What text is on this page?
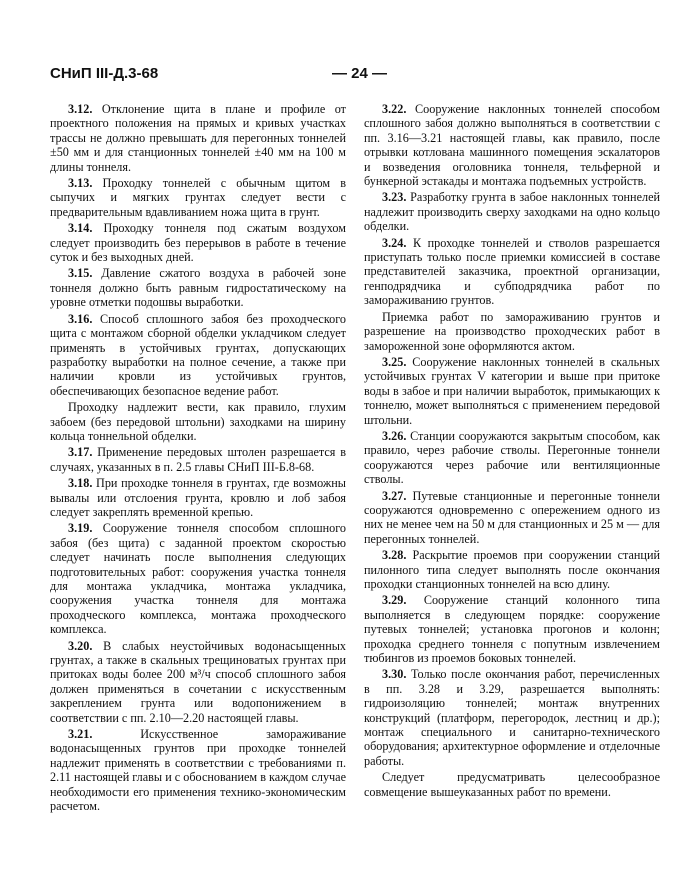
СНиП III-Д.3-68	— 24 —

3.12. Отклонение щита в плане и профиле от проектного положения на прямых и кривых участках трассы не должно превышать для перегонных тоннелей ±50 мм и для станционных тоннелей ±40 мм на 100 м длины тоннеля.

3.13. Проходку тоннелей с обычным щитом в сыпучих и мягких грунтах следует вести с предварительным вдавливанием ножа щита в грунт.

3.14. Проходку тоннеля под сжатым воздухом следует производить без перерывов в работе в течение суток и без выходных дней.

3.15. Давление сжатого воздуха в рабочей зоне тоннеля должно быть равным гидростатическому на уровне отметки подошвы выработки.

3.16. Способ сплошного забоя без проходческого щита с монтажом сборной обделки укладчиком следует применять в устойчивых грунтах, допускающих разработку выработки на полное сечение, а также при наличии кровли из устойчивых грунтов, обеспечивающих безопасное ведение работ.

Проходку надлежит вести, как правило, глухим забоем (без передовой штольни) заходками на ширину кольца тоннельной обделки.

3.17. Применение передовых штолен разрешается в случаях, указанных в п. 2.5 главы СНиП III-Б.8-68.

3.18. При проходке тоннеля в грунтах, где возможны вывалы или отслоения грунта, кровлю и лоб забоя следует закреплять временной крепью.

3.19. Сооружение тоннеля способом сплошного забоя (без щита) с заданной проектом скоростью следует начинать после выполнения следующих подготовительных работ: сооружения участка тоннеля для монтажа укладчика, монтажа укладчика, сооружения участка тоннеля для монтажа проходческого комплекса, монтажа проходческого комплекса.

3.20. В слабых неустойчивых водонасыщенных грунтах, а также в скальных трещиноватых грунтах при притоках воды более 200 м³/ч способ сплошного забоя должен применяться в сочетании с искусственным закреплением грунта или водопонижением в соответствии с пп. 2.10—2.20 настоящей главы.

3.21.	Искусственное замораживание водонасыщенных грунтов при проходке тоннелей надлежит применять в соответствии с требованиями п. 2.11 настоящей главы и с обоснованием в каждом случае необходимости его применения технико-экономическим расчетом.

3.22. Сооружение наклонных тоннелей способом сплошного забоя должно выполняться в соответствии с пп. 3.16—3.21 настоящей главы, как правило, после отрывки котлована машинного помещения эскалаторов и возведения оголовника тоннеля, тельферной и бункерной эстакады и монтажа подъемных устройств.

3.23. Разработку грунта в забое наклонных тоннелей надлежит производить сверху заходками на одно кольцо обделки.

3.24. К проходке тоннелей и стволов разрешается приступать только после приемки комиссией в составе представителей заказчика, проектной организации, генподрядчика и субподрядчика работ по замораживанию грунтов.

Приемка работ по замораживанию грунтов и разрешение на производство проходческих работ в замороженной зоне оформляются актом.

3.25. Сооружение наклонных тоннелей в скальных устойчивых грунтах V категории и выше при притоке воды в забое и при наличии выработок, примыкающих к тоннелю, может выполняться с применением передовой штольни.

3.26. Станции сооружаются закрытым способом, как правило, через рабочие стволы. Перегонные тоннели сооружаются через рабочие или вентиляционные стволы.

3.27. Путевые станционные и перегонные тоннели сооружаются одновременно с опережением одного из них не менее чем на 50 м для станционных и 25 м — для перегонных тоннелей.

3.28. Раскрытие проемов при сооружении станций пилонного типа следует выполнять после окончания проходки станционных тоннелей на всю длину.

3.29. Сооружение станций колонного типа выполняется в следующем порядке: сооружение путевых тоннелей; установка прогонов и колонн; проходка среднего тоннеля с попутным извлечением тюбингов из проемов боковых тоннелей.

3.30. Только после окончания работ, перечисленных в пп. 3.28 и 3.29, разрешается выполнять: гидроизоляцию тоннелей; монтаж внутренних конструкций (платформ, перегородок, лестниц и др.); монтаж специального и санитарно-технического оборудования; архитектурное оформление и отделочные работы.

Следует предусматривать целесообразное совмещение вышеуказанных работ по времени.
